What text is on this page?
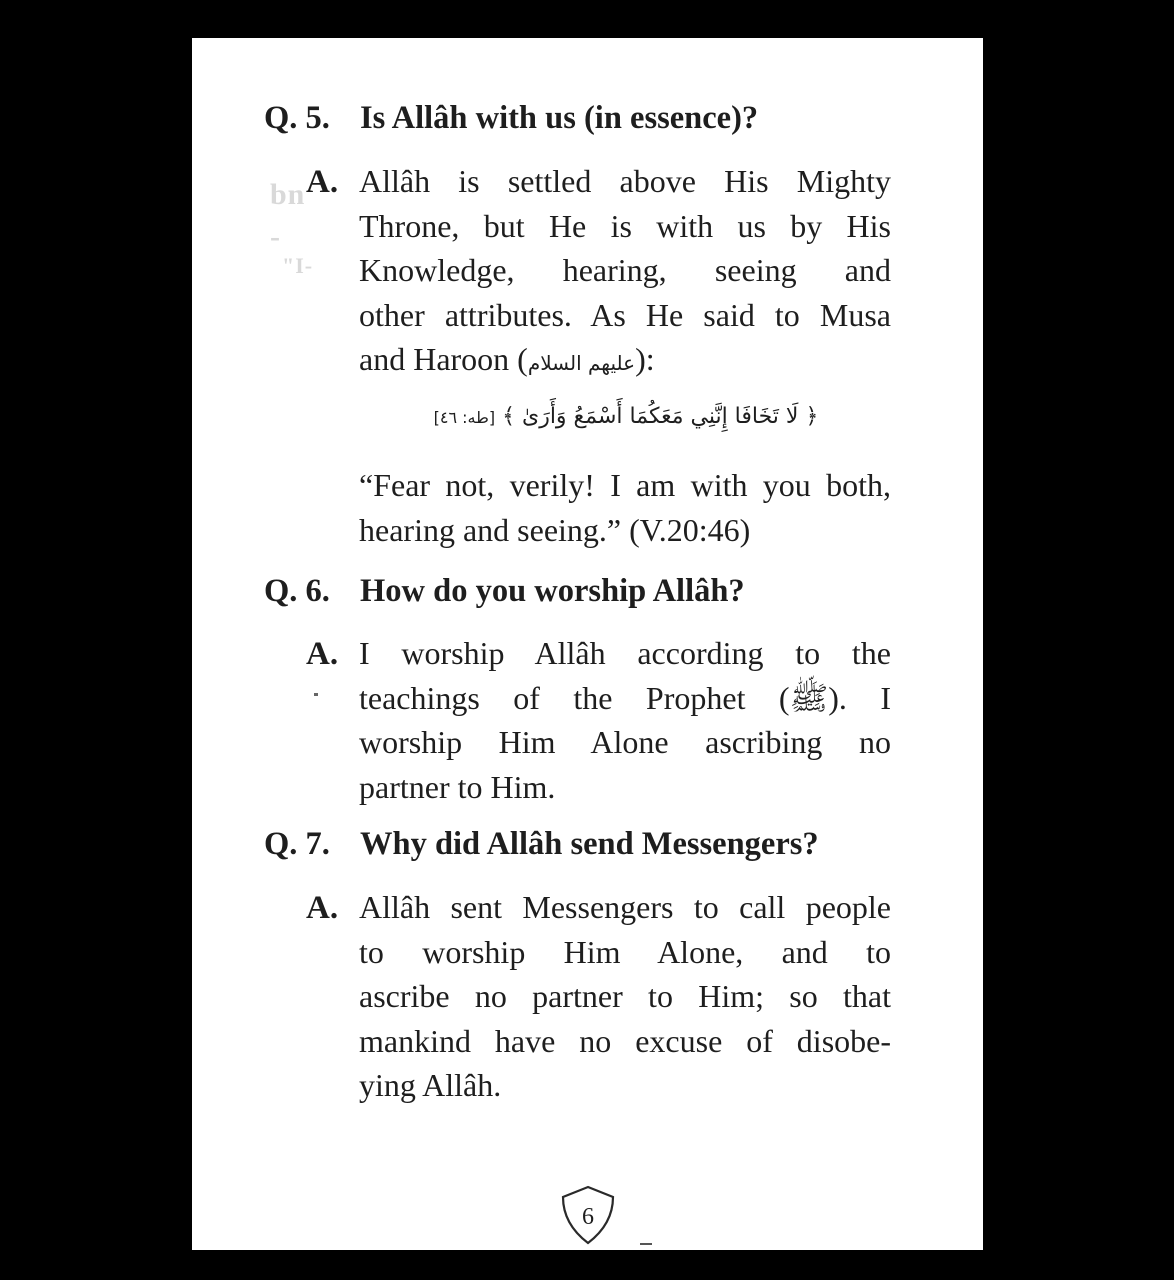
bn
-
"I-
Q. 5. Is Allâh with us (in essence)?
A. Allâh is settled above His Mighty
Throne, but He is with us by His
Knowledge, hearing, seeing and
other attributes. As He said to Musa
and Haroon (عليهم السلام):
﴿ لَا تَخَافَا إِنَّنِي مَعَكُمَا أَسْمَعُ وَأَرَىٰ ﴾ [طه: ٤٦]
“Fear not, verily! I am with you both,
hearing and seeing.” (V.20:46)
Q. 6. How do you worship Allâh?
A. I worship Allâh according to the
teachings of the Prophet (ﷺ). I
worship Him Alone ascribing no
partner to Him.
Q. 7. Why did Allâh send Messengers?
A. Allâh sent Messengers to call people
to worship Him Alone, and to
ascribe no partner to Him; so that
mankind have no excuse of disobe-
ying Allâh.
6
